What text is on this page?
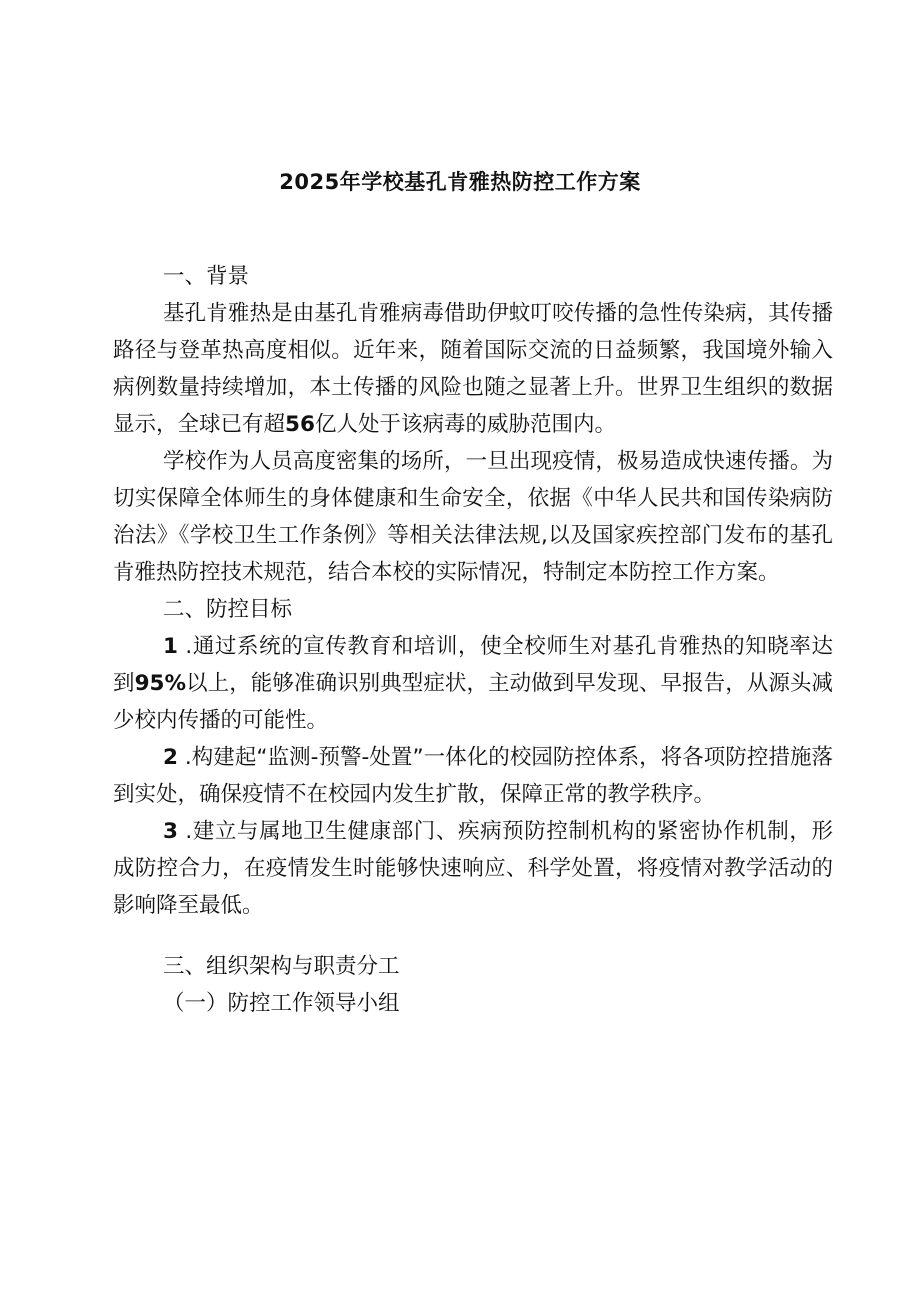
2025年学校基孔肯雅热防控工作方案

一、背景

基孔肯雅热是由基孔肯雅病毒借助伊蚊叮咬传播的急性传染病，其传播路径与登革热高度相似。近年来，随着国际交流的日益频繁，我国境外输入病例数量持续增加，本土传播的风险也随之显著上升。世界卫生组织的数据显示，全球已有超56亿人处于该病毒的威胁范围内。

学校作为人员高度密集的场所，一旦出现疫情，极易造成快速传播。为切实保障全体师生的身体健康和生命安全，依据《中华人民共和国传染病防治法》《学校卫生工作条例》等相关法律法规,以及国家疾控部门发布的基孔肯雅热防控技术规范，结合本校的实际情况，特制定本防控工作方案。

二、防控目标

1 .通过系统的宣传教育和培训，使全校师生对基孔肯雅热的知晓率达到95%以上，能够准确识别典型症状，主动做到早发现、早报告，从源头减少校内传播的可能性。

2 .构建起“监测-预警-处置”一体化的校园防控体系，将各项防控措施落到实处，确保疫情不在校园内发生扩散，保障正常的教学秩序。

3 .建立与属地卫生健康部门、疾病预防控制机构的紧密协作机制，形成防控合力，在疫情发生时能够快速响应、科学处置，将疫情对教学活动的影响降至最低。

三、组织架构与职责分工

（一）防控工作领导小组
